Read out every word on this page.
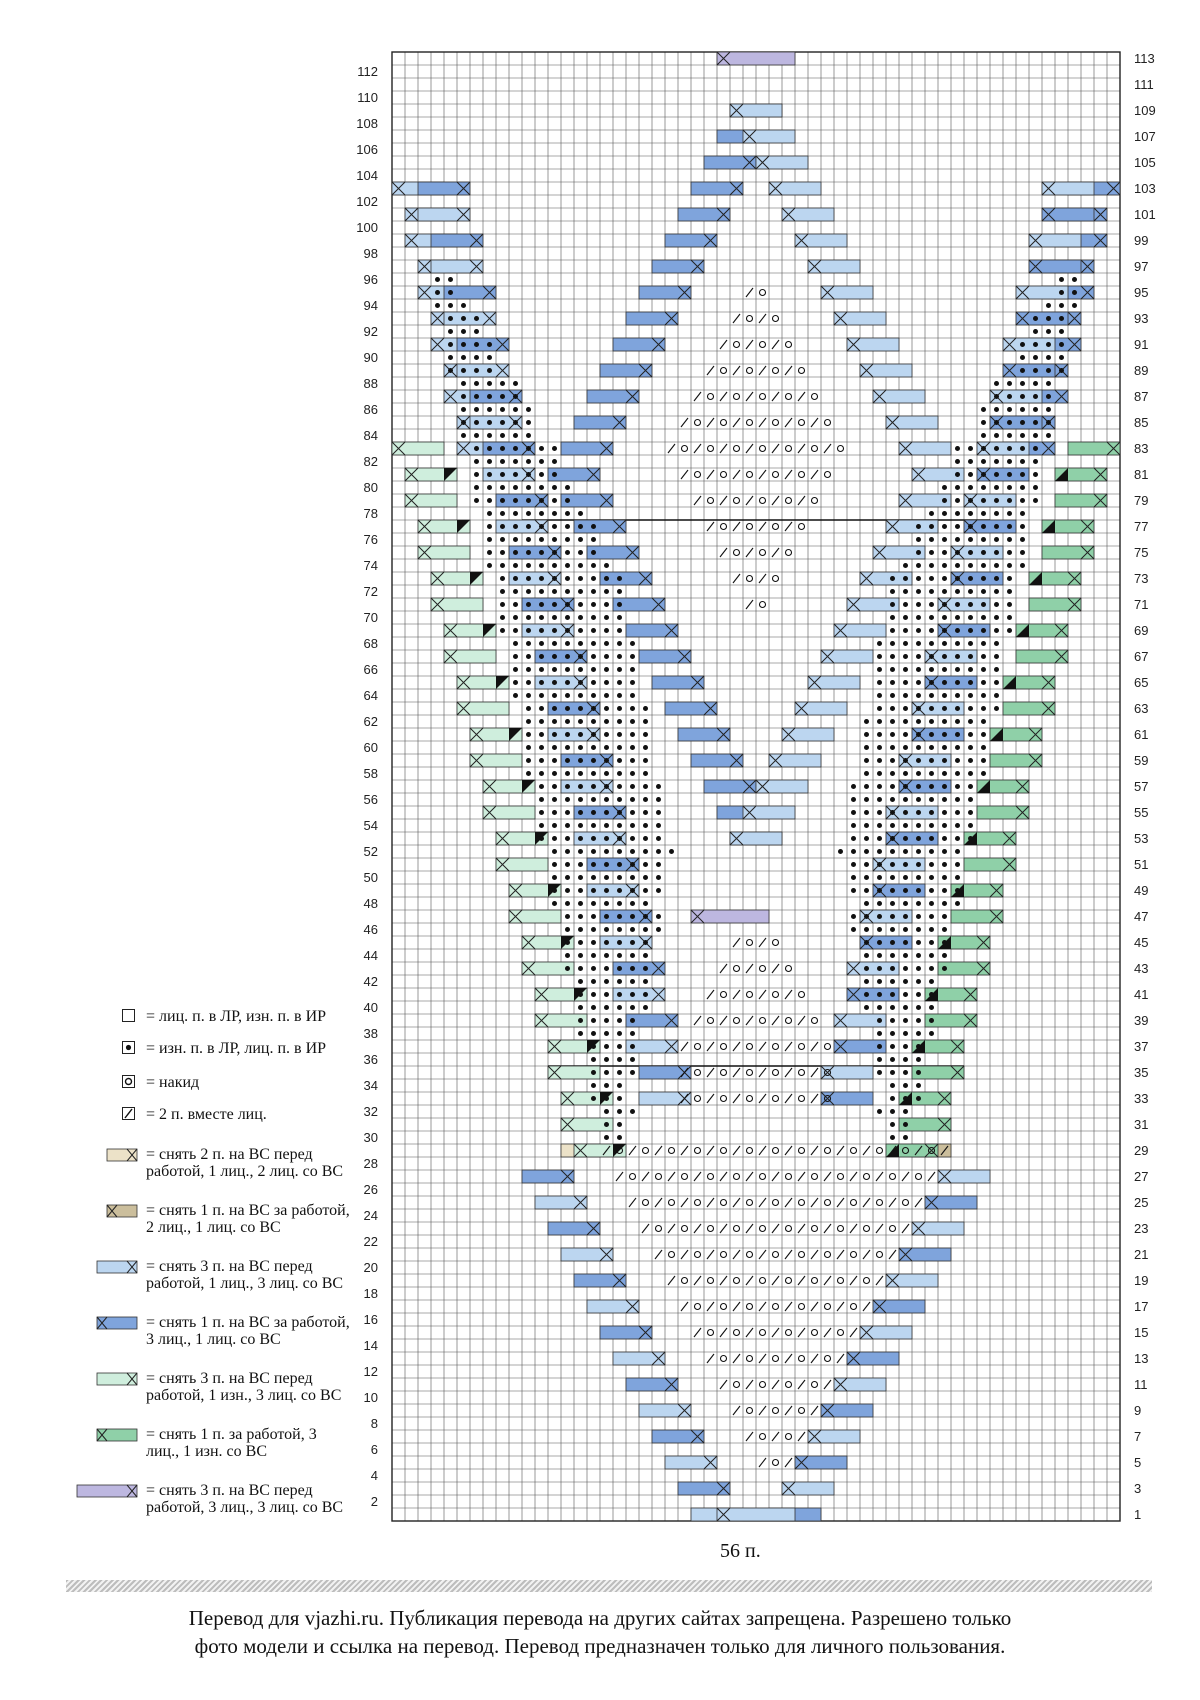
2
4
6
8
10
12
14
16
18
20
22
24
26
28
30
32
34
36
38
40
42
44
46
48
50
52
54
56
58
60
62
64
66
68
70
72
74
76
78
80
82
84
86
88
90
92
94
96
98
100
102
104
106
108
110
112
1
3
5
7
9
11
13
15
17
19
21
23
25
27
29
31
33
35
37
39
41
43
45
47
49
51
53
55
57
59
61
63
65
67
69
71
73
75
77
79
81
83
85
87
89
91
93
95
97
99
101
103
105
107
109
111
113
= лиц. п. в ЛР, изн. п. в ИР
= изн. п. в ЛР, лиц. п. в ИР
= накид
= 2 п. вместе лиц.
= снять 2 п. на ВС перед работой, 1 лиц., 2 лиц. со ВС
= снять 1 п. на ВС за работой, 2 лиц., 1 лиц. со ВС
= снять 3 п. на ВС перед работой, 1 лиц., 3 лиц. со ВС
= снять 1 п. на ВС за работой, 3 лиц., 1 лиц. со ВС
= снять 3 п. на ВС перед работой, 1 изн., 3 лиц. со ВС
= снять 1 п. за работой, 3 лиц., 1 изн. со ВС
= снять 3 п. на ВС перед работой, 3 лиц., 3 лиц. со ВС
56 п.
Перевод для vjazhi.ru. Публикация перевода на других сайтах запрещена. Разрешено только
фото модели и ссылка на перевод. Перевод предназначен только для личного пользования.
